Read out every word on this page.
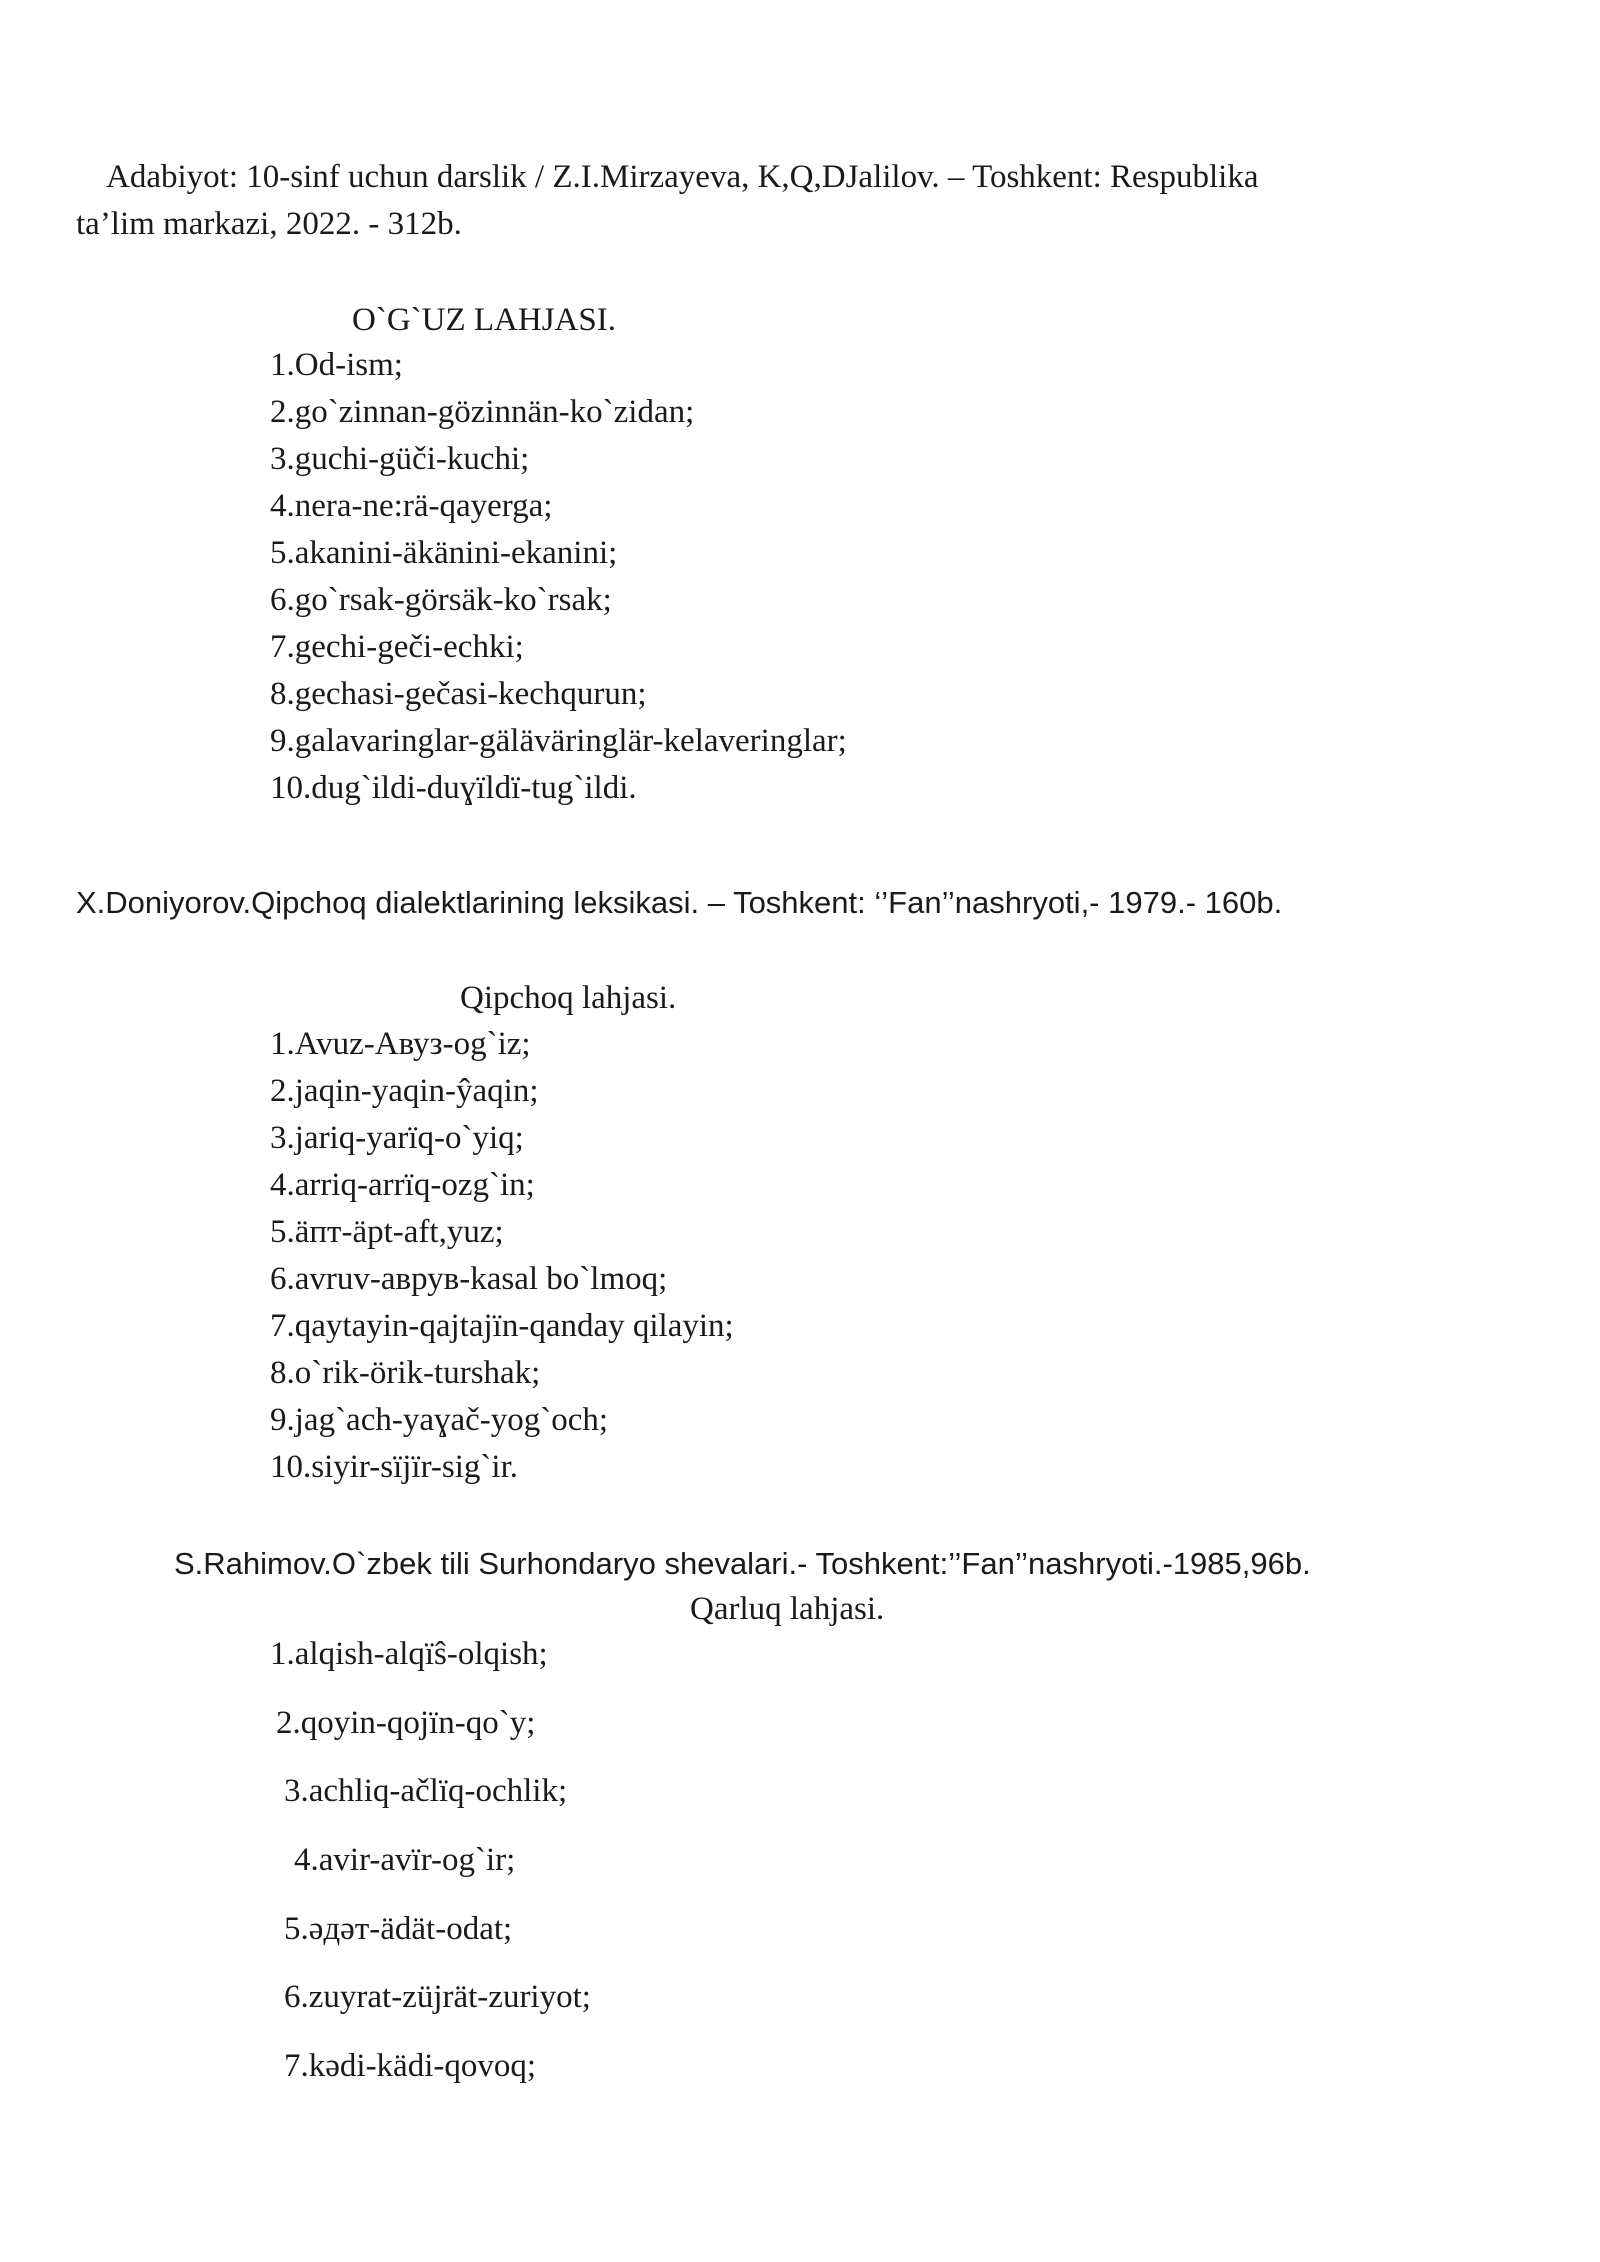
Adabiyot: 10-sinf uchun darslik / Z.I.Mirzayeva, K,Q,DJalilov. – Toshkent: Respublika
ta’lim markazi, 2022. - 312b.
O`G`UZ LAHJASI.
1.Od-ism;
2.go`zinnan-gözinnän-ko`zidan;
3.guchi-güči-kuchi;
4.nera-ne:rä-qayerga;
5.akanini-äkänini-ekanini;
6.go`rsak-görsäk-ko`rsak;
7.gechi-geči-echki;
8.gechasi-gečasi-kechqurun;
9.galavaringlar-gäläväringlär-kelaveringlar;
10.dug`ildi-duɣïldï-tug`ildi.
X.Doniyorov.Qipchoq dialektlarining leksikasi. – Toshkent: ‘’Fan’’nashryoti,- 1979.- 160b.
Qipchoq lahjasi.
1.Avuz-Авуз-og`iz;
2.jaqin-yaqin-ŷaqin;
3.jariq-yarïq-o`yiq;
4.arriq-arrïq-ozg`in;
5.äпт-äpt-aft,yuz;
6.avruv-аврув-kasal bo`lmoq;
7.qaytayin-qajtajïn-qanday qilayin;
8.o`rik-örik-turshak;
9.jag`ach-yaɣač-yog`och;
10.siyir-sïjïr-sig`ir.
S.Rahimov.O`zbek tili Surhondaryo shevalari.- Toshkent:’’Fan’’nashryoti.-1985,96b.
Qarluq lahjasi.
1.alqish-alqïŝ-olqish;
2.qoyin-qojïn-qo`y;
3.achliq-ačlïq-ochlik;
4.avir-avïr-og`ir;
5.әдәт-ädät-odat;
6.zuyrat-züjrät-zuriyot;
7.kədi-kädi-qovoq;
